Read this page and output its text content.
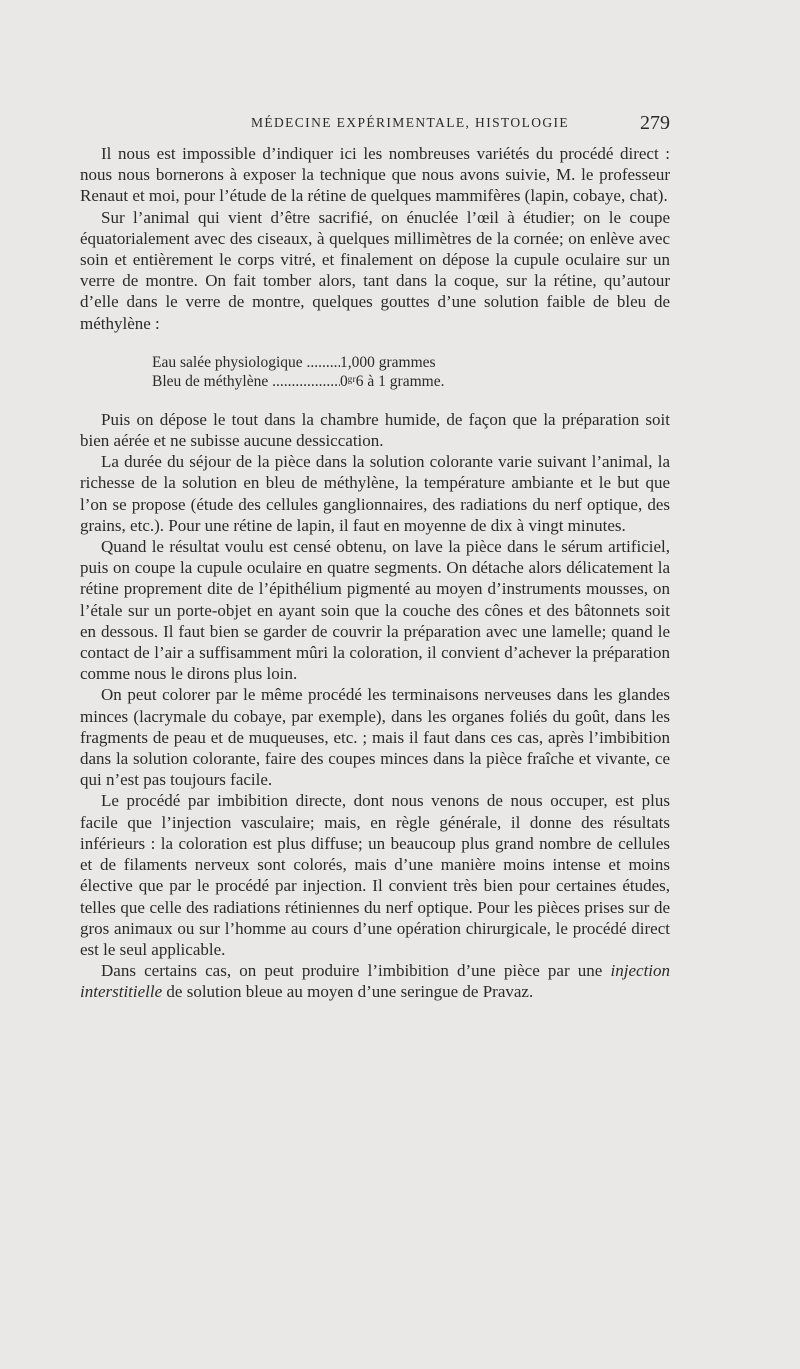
MÉDECINE EXPÉRIMENTALE, HISTOLOGIE	279

Il nous est impossible d’indiquer ici les nombreuses variétés du procédé direct : nous nous bornerons à exposer la technique que nous avons suivie, M. le professeur Renaut et moi, pour l’étude de la rétine de quelques mammifères (lapin, cobaye, chat).

Sur l’animal qui vient d’être sacrifié, on énuclée l’œil à étudier; on le coupe équatorialement avec des ciseaux, à quelques millimètres de la cornée; on enlève avec soin et entièrement le corps vitré, et finalement on dépose la cupule oculaire sur un verre de montre. On fait tomber alors, tant dans la coque, sur la rétine, qu’autour d’elle dans le verre de montre, quelques gouttes d’une solution faible de bleu de méthylène :

Eau salée physiologique .....	1,000 grammes
Bleu de méthylène .....	0ᵍʳ6 à 1 gramme.

Puis on dépose le tout dans la chambre humide, de façon que la préparation soit bien aérée et ne subisse aucune dessiccation.

La durée du séjour de la pièce dans la solution colorante varie suivant l’animal, la richesse de la solution en bleu de méthylène, la température ambiante et le but que l’on se propose (étude des cellules ganglionnaires, des radiations du nerf optique, des grains, etc.). Pour une rétine de lapin, il faut en moyenne de dix à vingt minutes.

Quand le résultat voulu est censé obtenu, on lave la pièce dans le sérum artificiel, puis on coupe la cupule oculaire en quatre segments. On détache alors délicatement la rétine proprement dite de l’épithélium pigmenté au moyen d’instruments mousses, on l’étale sur un porte-objet en ayant soin que la couche des cônes et des bâtonnets soit en dessous. Il faut bien se garder de couvrir la préparation avec une lamelle; quand le contact de l’air a suffisamment mûri la coloration, il convient d’achever la préparation comme nous le dirons plus loin.

On peut colorer par le même procédé les terminaisons nerveuses dans les glandes minces (lacrymale du cobaye, par exemple), dans les organes foliés du goût, dans les fragments de peau et de muqueuses, etc. ; mais il faut dans ces cas, après l’imbibition dans la solution colorante, faire des coupes minces dans la pièce fraîche et vivante, ce qui n’est pas toujours facile.

Le procédé par imbibition directe, dont nous venons de nous occuper, est plus facile que l’injection vasculaire; mais, en règle générale, il donne des résultats inférieurs : la coloration est plus diffuse; un beaucoup plus grand nombre de cellules et de filaments nerveux sont colorés, mais d’une manière moins intense et moins élective que par le procédé par injection. Il convient très bien pour certaines études, telles que celle des radiations rétiniennes du nerf optique. Pour les pièces prises sur de gros animaux ou sur l’homme au cours d’une opération chirurgicale, le procédé direct est le seul applicable.

Dans certains cas, on peut produire l’imbibition d’une pièce par une injection interstitielle de solution bleue au moyen d’une seringue de Pravaz.
